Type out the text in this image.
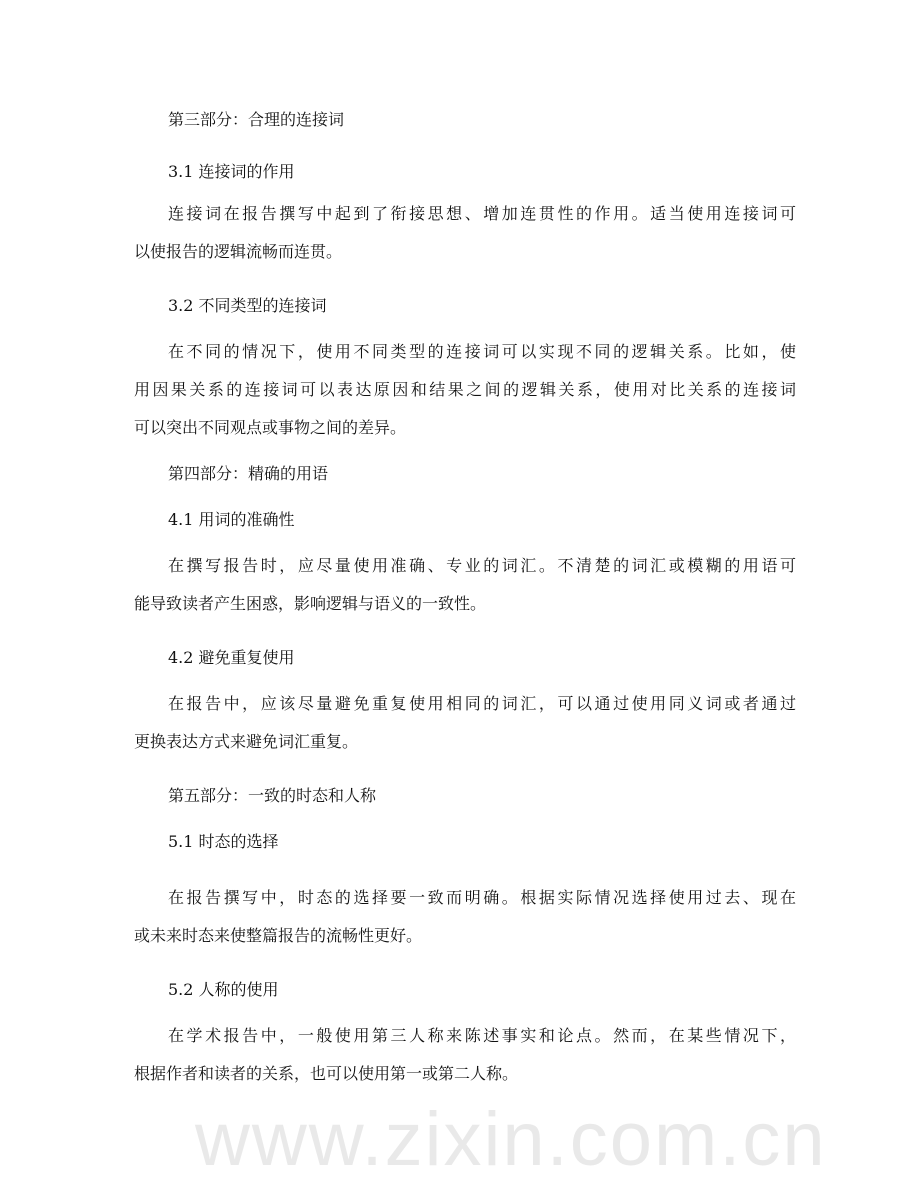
www.zixin.com.cn
第三部分：合理的连接词
3.1 连接词的作用
连接词在报告撰写中起到了衔接思想、增加连贯性的作用。适当使用连接词可
以使报告的逻辑流畅而连贯。
3.2 不同类型的连接词
在不同的情况下，使用不同类型的连接词可以实现不同的逻辑关系。比如，使
用因果关系的连接词可以表达原因和结果之间的逻辑关系，使用对比关系的连接词
可以突出不同观点或事物之间的差异。
第四部分：精确的用语
4.1 用词的准确性
在撰写报告时，应尽量使用准确、专业的词汇。不清楚的词汇或模糊的用语可
能导致读者产生困惑，影响逻辑与语义的一致性。
4.2 避免重复使用
在报告中，应该尽量避免重复使用相同的词汇，可以通过使用同义词或者通过
更换表达方式来避免词汇重复。
第五部分：一致的时态和人称
5.1 时态的选择
在报告撰写中，时态的选择要一致而明确。根据实际情况选择使用过去、现在
或未来时态来使整篇报告的流畅性更好。
5.2 人称的使用
在学术报告中，一般使用第三人称来陈述事实和论点。然而，在某些情况下，
根据作者和读者的关系，也可以使用第一或第二人称。
